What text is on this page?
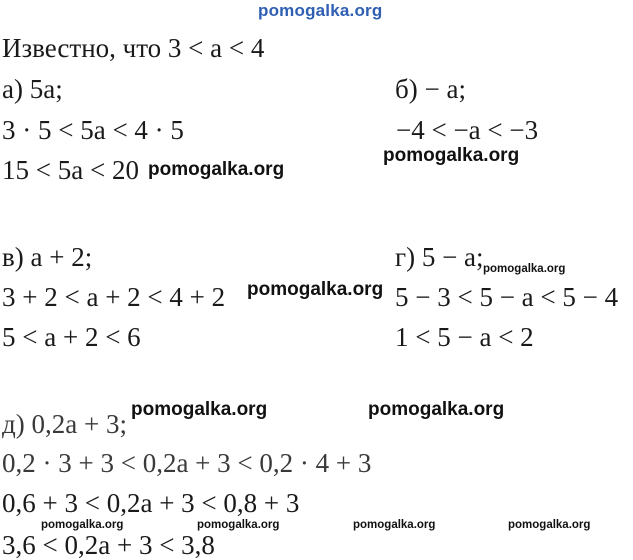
pomogalka.org
Известно, что 3 < a < 4
а) 5a;
3 · 5 < 5a < 4 · 5
15 < 5a < 20
б) − a;
−4 < −a < −3
в) a + 2;
3 + 2 < a + 2 < 4 + 2
5 < a + 2 < 6
г) 5 − a;
5 − 3 < 5 − a < 5 − 4
1 < 5 − a < 2
д) 0,2a + 3;
0,2 · 3 + 3 < 0,2a + 3 < 0,2 · 4 + 3
0,6 + 3 < 0,2a + 3 < 0,8 + 3
3,6 < 0,2a + 3 < 3,8
pomogalka.org
pomogalka.org
pomogalka.org
pomogalka.org
pomogalka.org	pomogalka.org
pomogalka.org	pomogalka.org	pomogalka.org	pomogalka.org
